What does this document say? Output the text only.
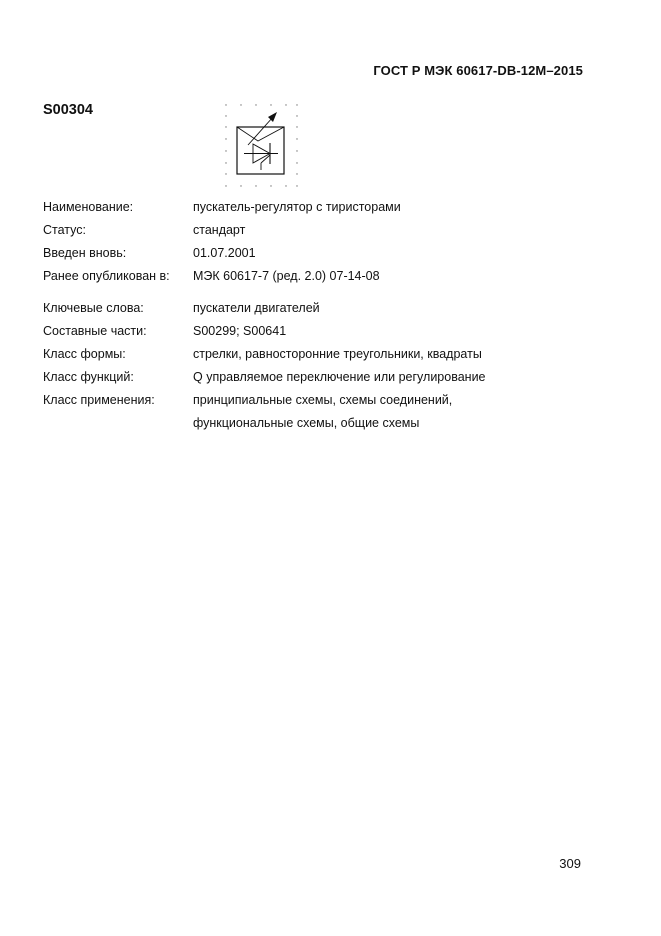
ГОСТ Р МЭК 60617-DB-12M–2015
S00304
Наименование:	пускатель-регулятор с тиристорами
Статус:	стандарт
Введен вновь:	01.07.2001
Ранее опубликован в:	МЭК 60617-7 (ред. 2.0) 07-14-08
Ключевые слова:	пускатели двигателей
Составные части:	S00299; S00641
Класс формы:	стрелки, равносторонние треугольники, квадраты
Класс функций:	Q управляемое переключение или регулирование
Класс применения:	принципиальные схемы, схемы соединений,
функциональные схемы, общие схемы
309
